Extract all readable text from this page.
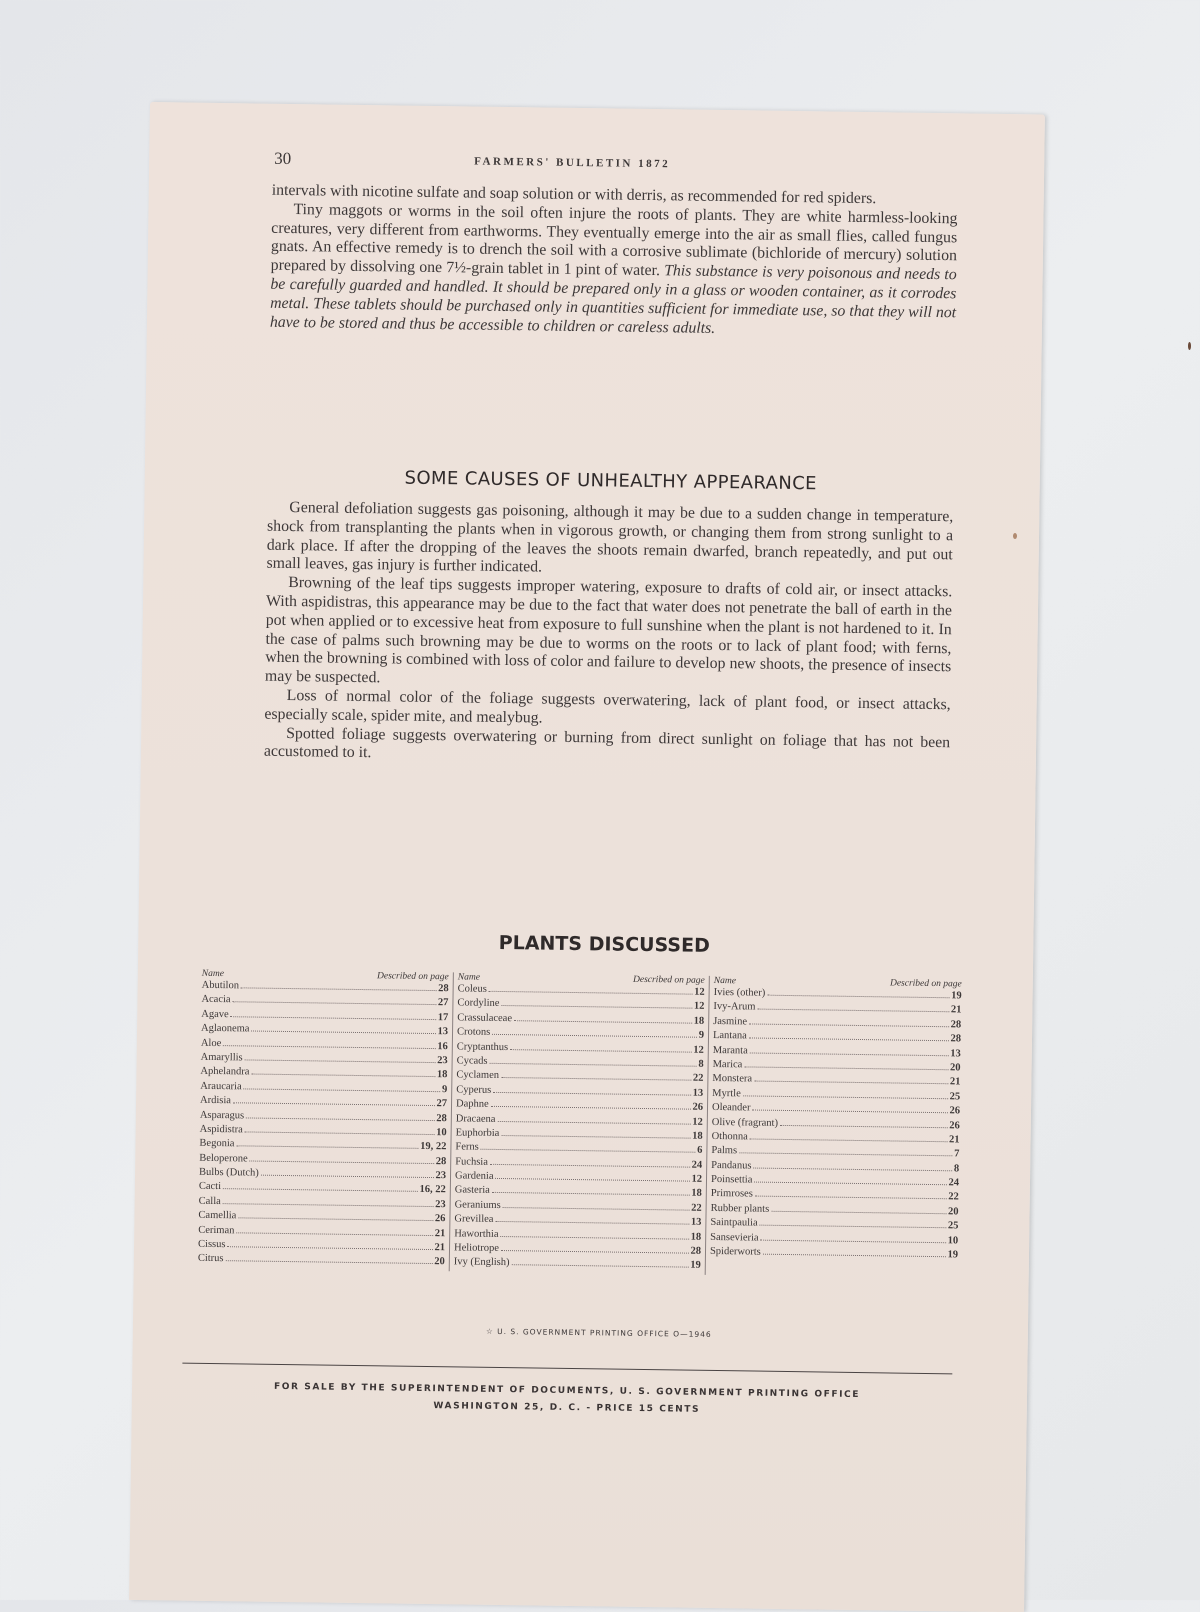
30	FARMERS' BULLETIN 1872

intervals with nicotine sulfate and soap solution or with derris, as recommended for red spiders.

Tiny maggots or worms in the soil often injure the roots of plants. They are white harmless-looking creatures, very different from earthworms. They eventually emerge into the air as small flies, called fungus gnats. An effective remedy is to drench the soil with a corrosive sublimate (bichloride of mercury) solution prepared by dissolving one 7½-grain tablet in 1 pint of water. This substance is very poisonous and needs to be carefully guarded and handled. It should be prepared only in a glass or wooden container, as it corrodes metal. These tablets should be purchased only in quantities sufficient for immediate use, so that they will not have to be stored and thus be accessible to children or careless adults.

SOME CAUSES OF UNHEALTHY APPEARANCE

General defoliation suggests gas poisoning, although it may be due to a sudden change in temperature, shock from transplanting the plants when in vigorous growth, or changing them from strong sunlight to a dark place. If after the dropping of the leaves the shoots remain dwarfed, branch repeatedly, and put out small leaves, gas injury is further indicated.

Browning of the leaf tips suggests improper watering, exposure to drafts of cold air, or insect attacks. With aspidistras, this appearance may be due to the fact that water does not penetrate the ball of earth in the pot when applied or to excessive heat from exposure to full sunshine when the plant is not hardened to it. In the case of palms such browning may be due to worms on the roots or to lack of plant food; with ferns, when the browning is combined with loss of color and failure to develop new shoots, the presence of insects may be suspected.

Loss of normal color of the foliage suggests overwatering, lack of plant food, or insect attacks, especially scale, spider mite, and mealybug.

Spotted foliage suggests overwatering or burning from direct sunlight on foliage that has not been accustomed to it.

PLANTS DISCUSSED
Name	Described on page
Abutilon	28
Acacia	27
Agave	17
Aglaonema	13
Aloe	16
Amaryllis	23
Aphelandra	18
Araucaria	9
Ardisia	27
Asparagus	28
Aspidistra	10
Begonia	19, 22
Beloperone	28
Bulbs (Dutch)	23
Cacti	16, 22
Calla	23
Camellia	26
Ceriman	21
Cissus	21
Citrus	20
Name	Described on page
Coleus	12
Cordyline	12
Crassulaceae	18
Crotons	9
Cryptanthus	12
Cycads	8
Cyclamen	22
Cyperus	13
Daphne	26
Dracaena	12
Euphorbia	18
Ferns	6
Fuchsia	24
Gardenia	12
Gasteria	18
Geraniums	22
Grevillea	13
Haworthia	18
Heliotrope	28
Ivy (English)	19
Name	Described on page
Ivies (other)	19
Ivy-Arum	21
Jasmine	28
Lantana	28
Maranta	13
Marica	20
Monstera	21
Myrtle	25
Oleander	26
Olive (fragrant)	26
Othonna	21
Palms	7
Pandanus	8
Poinsettia	24
Primroses	22
Rubber plants	20
Saintpaulia	25
Sansevieria	10
Spiderworts	19
☆ U. S. GOVERNMENT PRINTING OFFICE O—1946
FOR SALE BY THE SUPERINTENDENT OF DOCUMENTS, U. S. GOVERNMENT PRINTING OFFICE
WASHINGTON 25, D. C. - PRICE 15 CENTS
